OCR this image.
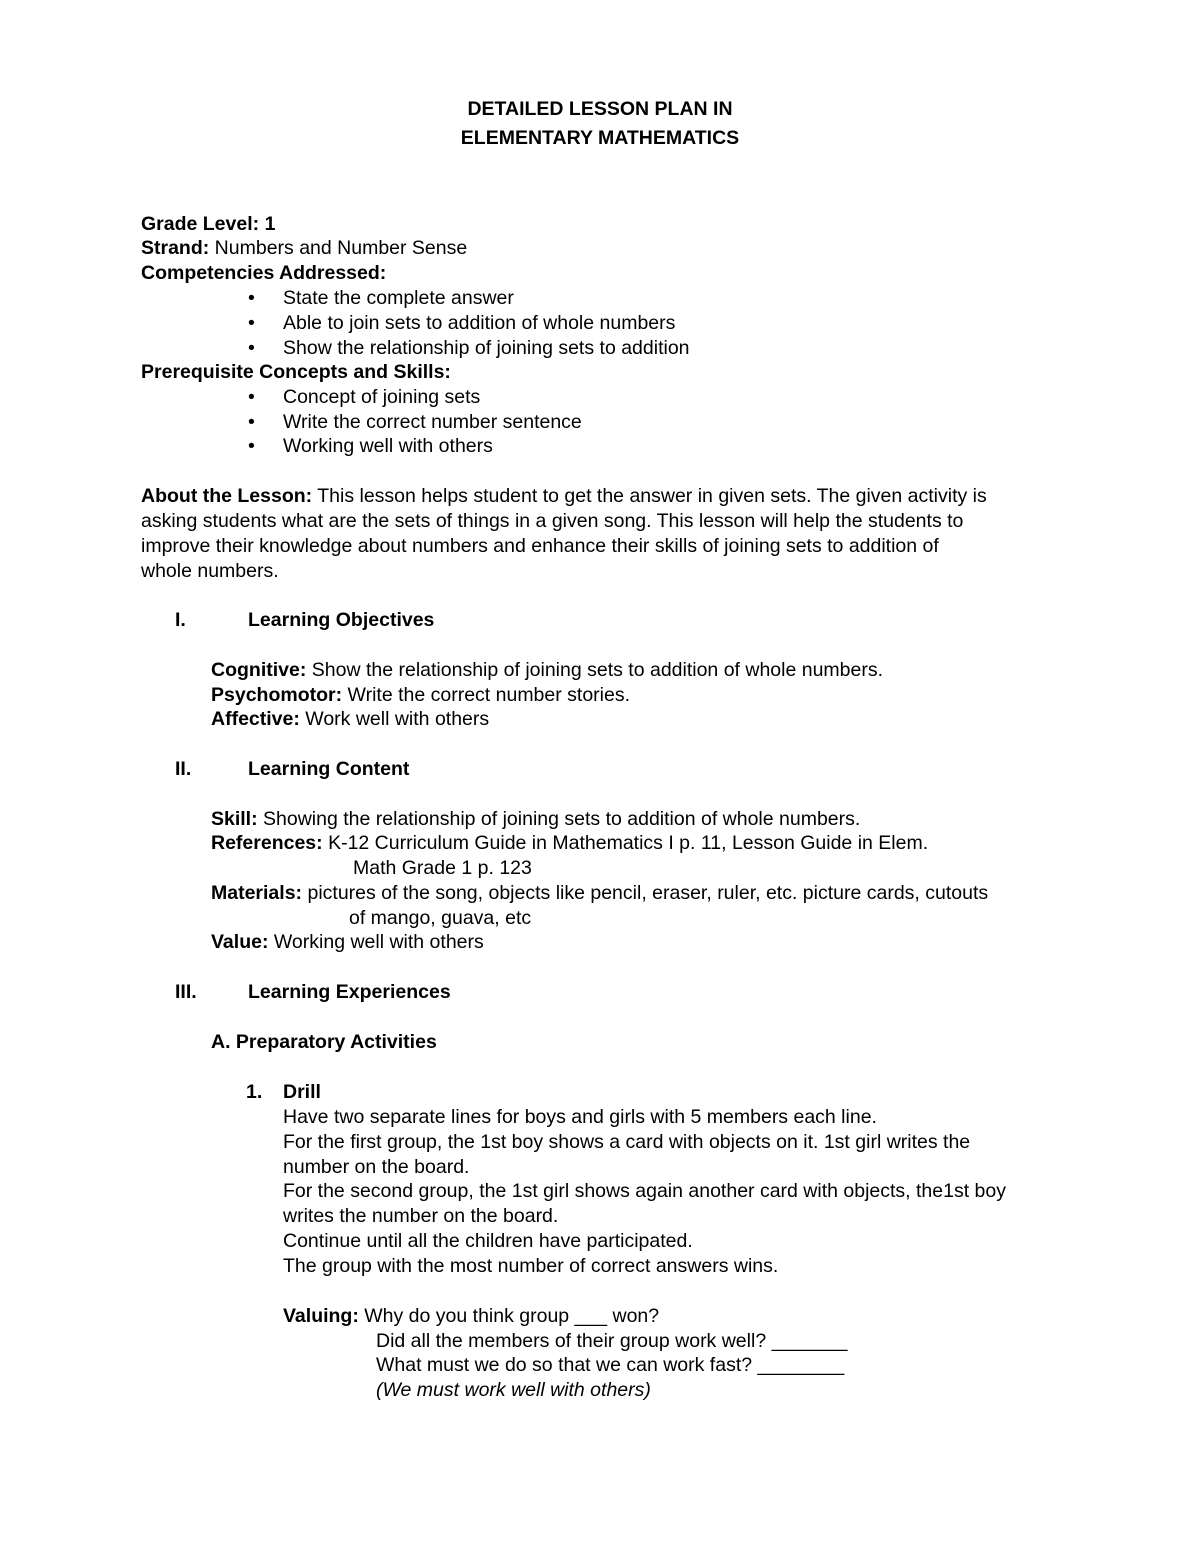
DETAILED LESSON PLAN IN
ELEMENTARY MATHEMATICS
Grade Level: 1
Strand: Numbers and Number Sense
Competencies Addressed:
• State the complete answer
• Able to join sets to addition of whole numbers
• Show the relationship of joining sets to addition
Prerequisite Concepts and Skills:
• Concept of joining sets
• Write the correct number sentence
• Working well with others
About the Lesson: This lesson helps student to get the answer in given sets. The given activity is
asking students what are the sets of things in a given song. This lesson will help the students to
improve their knowledge about numbers and enhance their skills of joining sets to addition of
whole numbers.
I.	Learning Objectives
Cognitive: Show the relationship of joining sets to addition of whole numbers.
Psychomotor: Write the correct number stories.
Affective: Work well with others
II.	Learning Content
Skill: Showing the relationship of joining sets to addition of whole numbers.
References: K-12 Curriculum Guide in Mathematics I p. 11, Lesson Guide in Elem.
Math Grade 1 p. 123
Materials: pictures of the song, objects like pencil, eraser, ruler, etc. picture cards, cutouts
of mango, guava, etc
Value: Working well with others
III.	Learning Experiences
A. Preparatory Activities
1. Drill
Have two separate lines for boys and girls with 5 members each line.
For the first group, the 1st boy shows a card with objects on it. 1st girl writes the
number on the board.
For the second group, the 1st girl shows again another card with objects, the1st boy
writes the number on the board.
Continue until all the children have participated.
The group with the most number of correct answers wins.
Valuing: Why do you think group ___ won?
Did all the members of their group work well? _______
What must we do so that we can work fast? ________
(We must work well with others)
